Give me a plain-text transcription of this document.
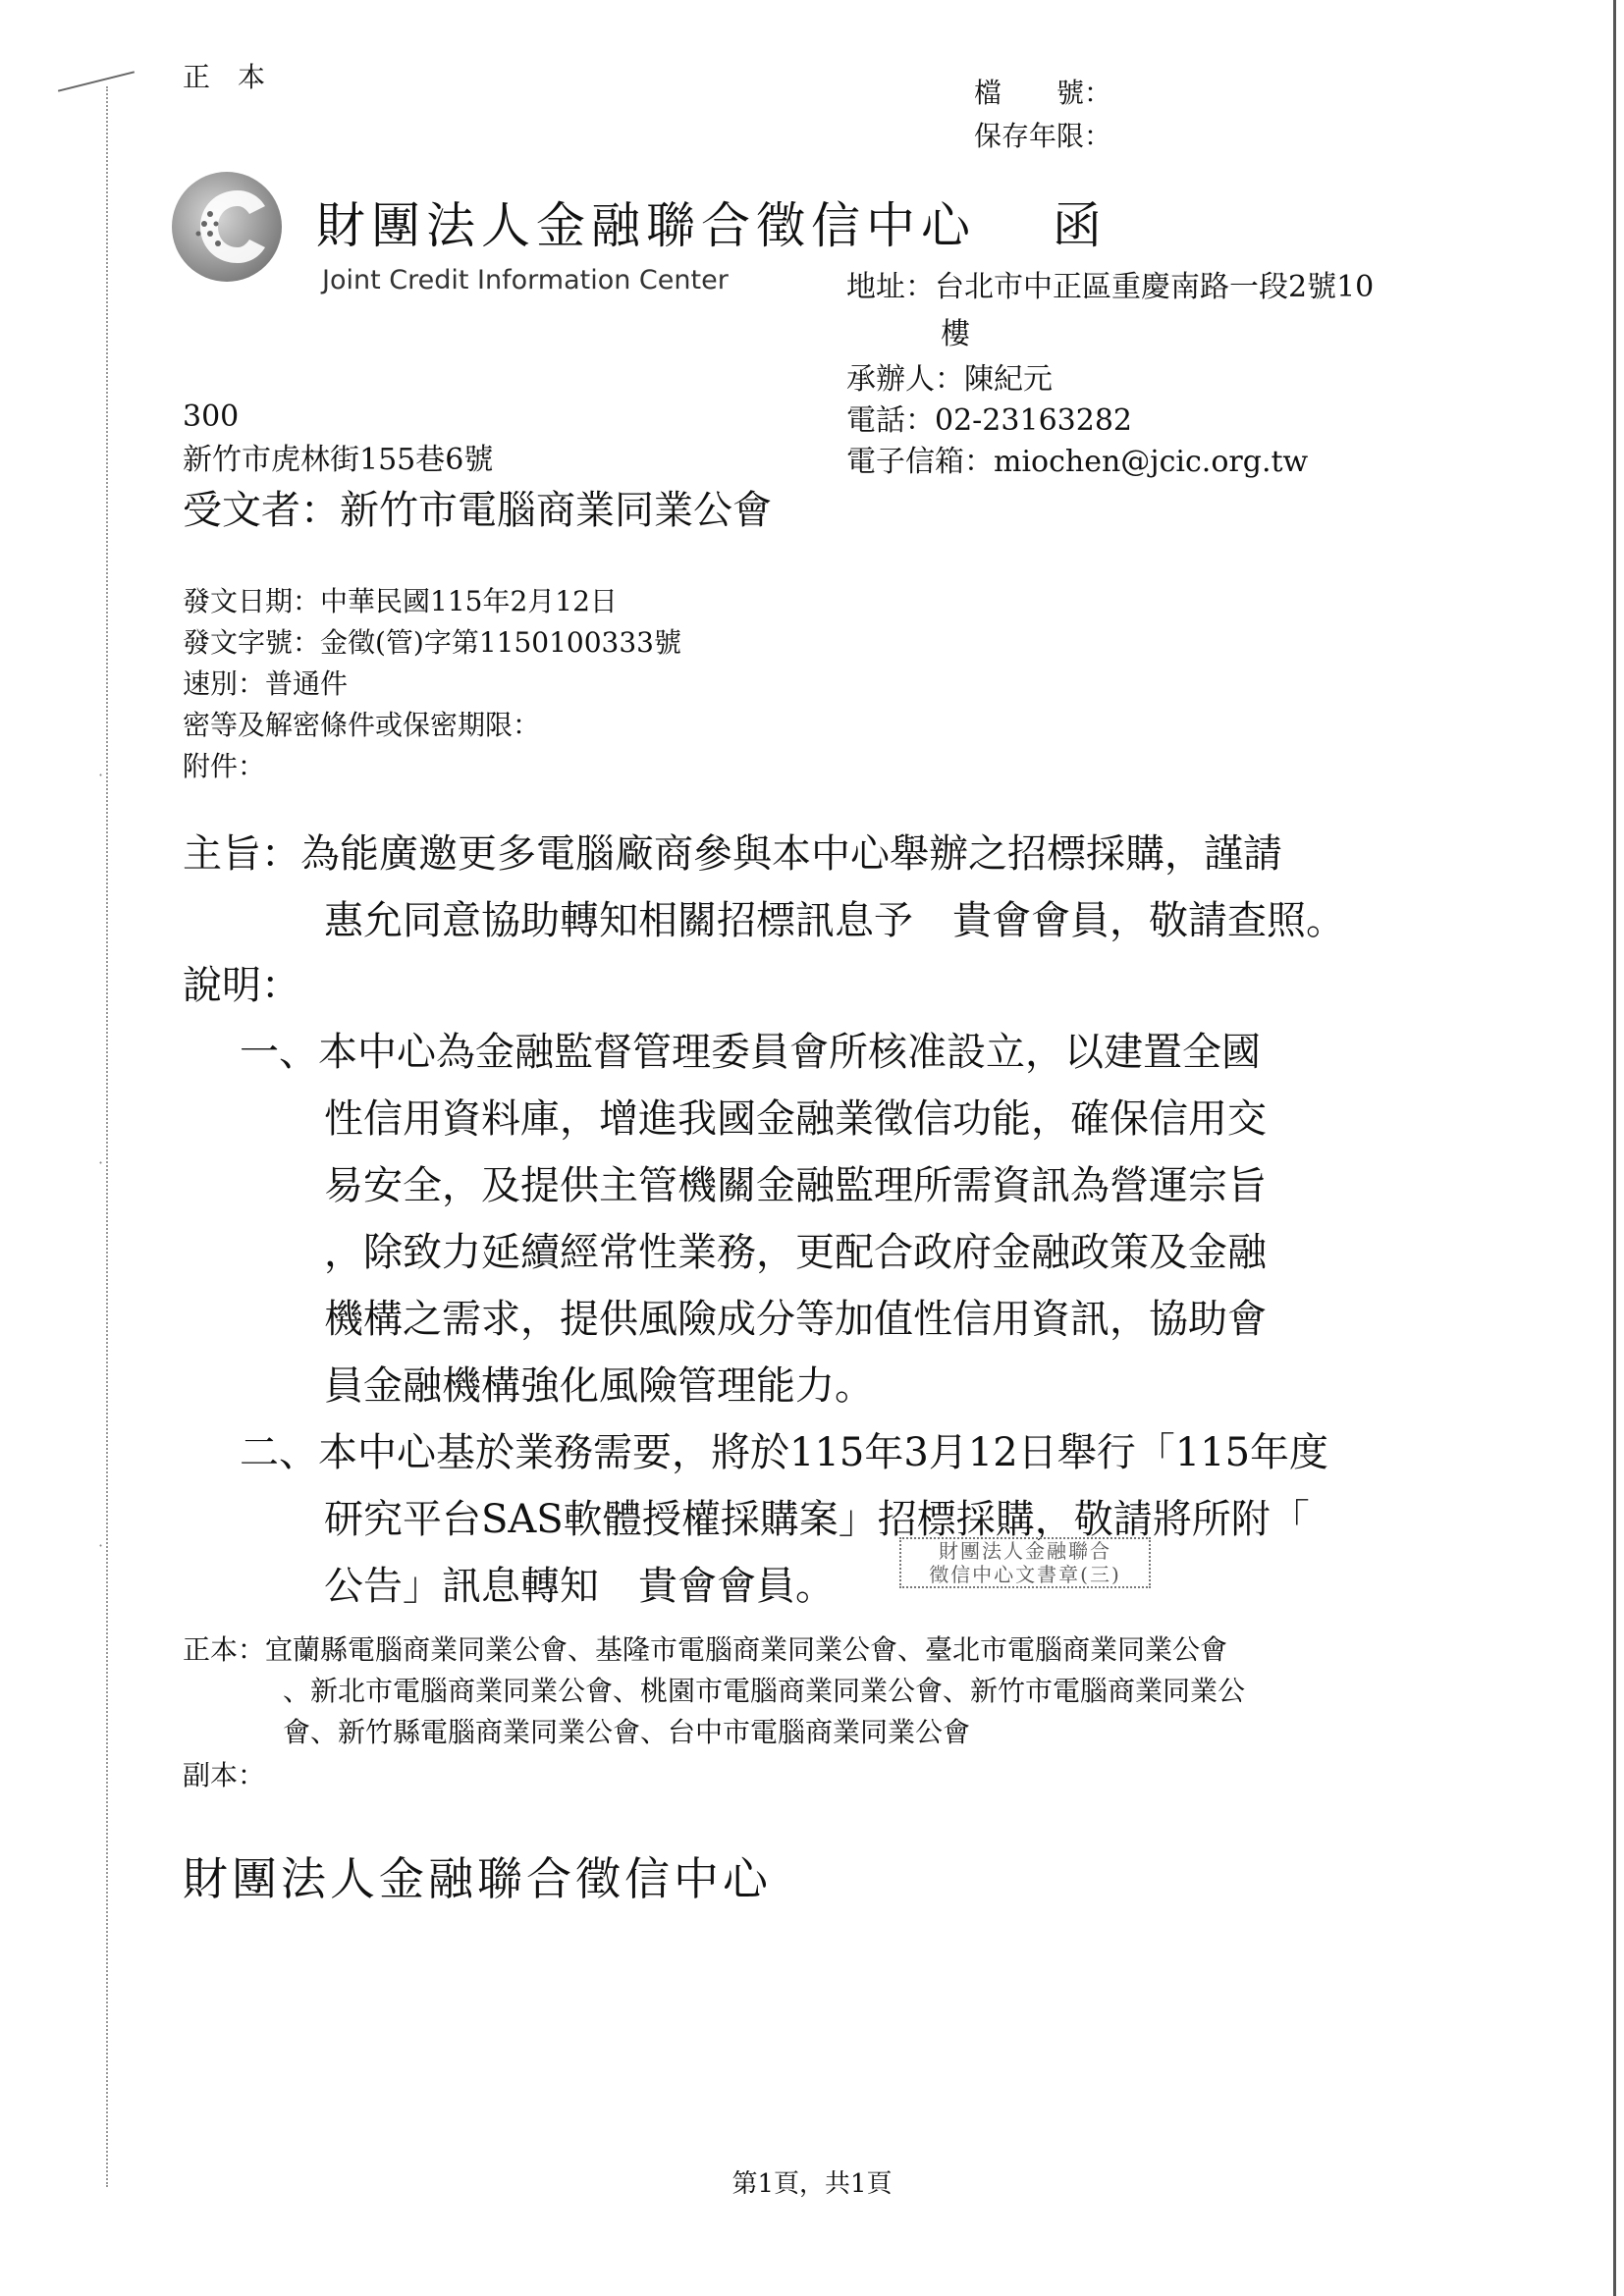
·
·
·
正　本	檔　　號：
保存年限：
財團法人金融聯合徵信中心　 函
Joint Credit Information Center	地址：台北市中正區重慶南路一段2號10
樓
承辦人：陳紀元
電話：02-23163282
電子信箱：miochen@jcic.org.tw
300
新竹市虎林街155巷6號
受文者：新竹市電腦商業同業公會
發文日期：中華民國115年2月12日
發文字號：金徵(管)字第1150100333號
速別：普通件
密等及解密條件或保密期限：
附件：
主旨：為能廣邀更多電腦廠商參與本中心舉辦之招標採購，謹請
惠允同意協助轉知相關招標訊息予　貴會會員，敬請查照。
說明：
一、本中心為金融監督管理委員會所核准設立，以建置全國
性信用資料庫，增進我國金融業徵信功能，確保信用交
易安全，及提供主管機關金融監理所需資訊為營運宗旨
，除致力延續經常性業務，更配合政府金融政策及金融
機構之需求，提供風險成分等加值性信用資訊，協助會
員金融機構強化風險管理能力。
二、本中心基於業務需要，將於115年3月12日舉行「115年度
研究平台SAS軟體授權採購案」招標採購，敬請將所附「
公告」訊息轉知　貴會會員。
財團法人金融聯合
徵信中心文書章(三)
正本：宜蘭縣電腦商業同業公會、基隆市電腦商業同業公會、臺北市電腦商業同業公會
、新北市電腦商業同業公會、桃園市電腦商業同業公會、新竹市電腦商業同業公
會、新竹縣電腦商業同業公會、台中市電腦商業同業公會
副本：
財團法人金融聯合徵信中心
第1頁，共1頁
